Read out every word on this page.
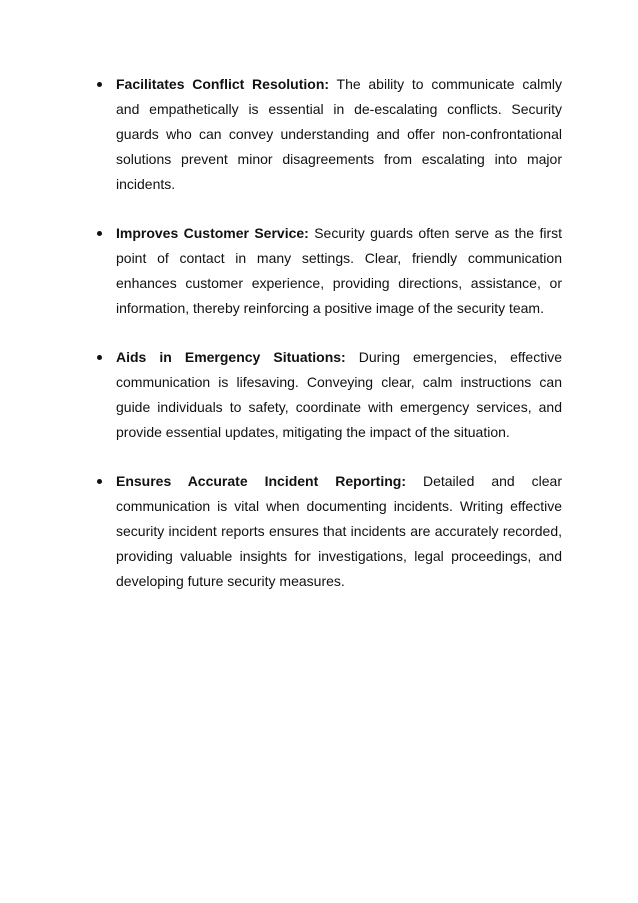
Facilitates Conflict Resolution: The ability to communicate calmly and empathetically is essential in de-escalating conflicts. Security guards who can convey understanding and offer non-confrontational solutions prevent minor disagreements from escalating into major incidents.
Improves Customer Service: Security guards often serve as the first point of contact in many settings. Clear, friendly communication enhances customer experience, providing directions, assistance, or information, thereby reinforcing a positive image of the security team.
Aids in Emergency Situations: During emergencies, effective communication is lifesaving. Conveying clear, calm instructions can guide individuals to safety, coordinate with emergency services, and provide essential updates, mitigating the impact of the situation.
Ensures Accurate Incident Reporting: Detailed and clear communication is vital when documenting incidents. Writing effective security incident reports ensures that incidents are accurately recorded, providing valuable insights for investigations, legal proceedings, and developing future security measures.
